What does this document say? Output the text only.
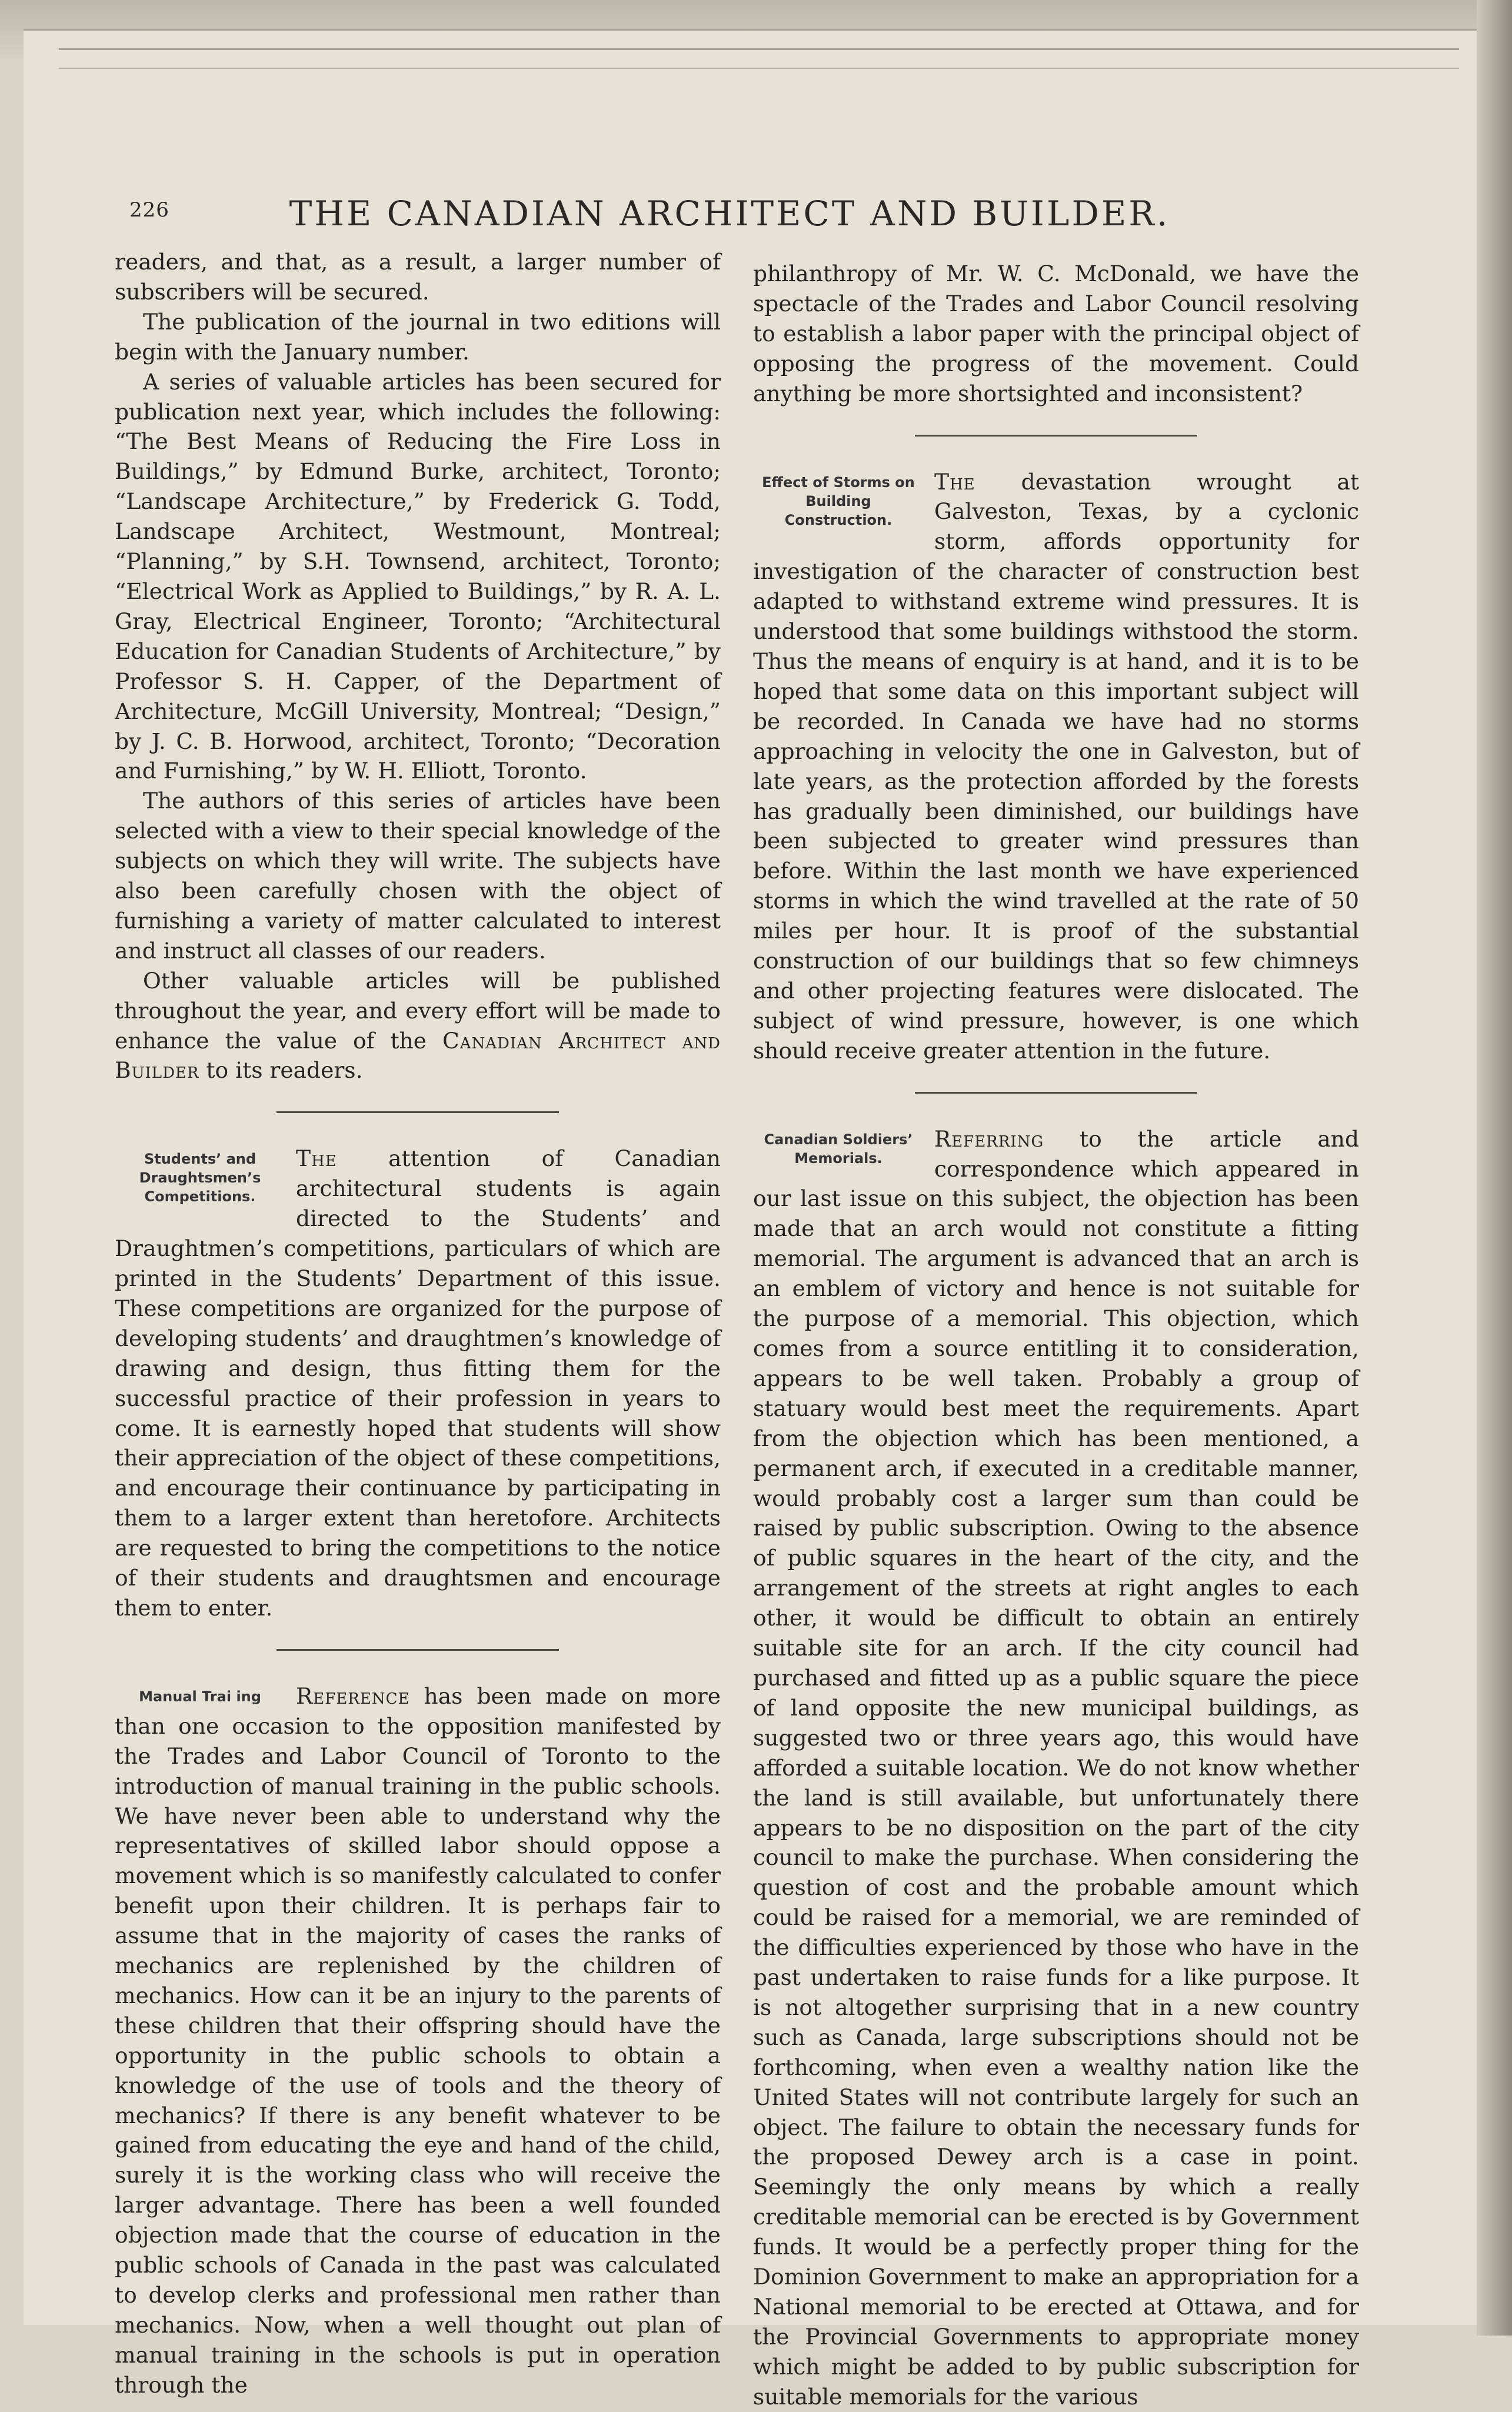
226	THE CANADIAN ARCHITECT AND BUILDER.

readers, and that, as a result, a larger number of subscribers will be secured.

The publication of the journal in two editions will begin with the January number.

A series of valuable articles has been secured for publication next year, which includes the following: “The Best Means of Reducing the Fire Loss in Buildings,” by Edmund Burke, architect, Toronto; “Landscape Architecture,” by Frederick G. Todd, Landscape Architect, Westmount, Montreal; “Planning,” by S.H. Townsend, architect, Toronto; “Electrical Work as Applied to Buildings,” by R. A. L. Gray, Electrical Engineer, Toronto; “Architectural Education for Canadian Students of Architecture,” by Professor S. H. Capper, of the Department of Architecture, McGill University, Montreal; “Design,” by J. C. B. Horwood, architect, Toronto; “Decoration and Furnishing,” by W. H. Elliott, Toronto.

The authors of this series of articles have been selected with a view to their special knowledge of the subjects on which they will write. The subjects have also been carefully chosen with the object of furnishing a variety of matter calculated to interest and instruct all classes of our readers.

Other valuable articles will be published throughout the year, and every effort will be made to enhance the value of the Canadian Architect and Builder to its readers.

Students’ and Draughtsmen’s Competitions.
The attention of Canadian architectural students is again directed to the Students’ and Draughtmen’s competitions, particulars of which are printed in the Students’ Department of this issue. These competitions are organized for the purpose of developing students’ and draughtmen’s knowledge of drawing and design, thus fitting them for the successful practice of their profession in years to come. It is earnestly hoped that students will show their appreciation of the object of these competitions, and encourage their continuance by participating in them to a larger extent than heretofore. Architects are requested to bring the competitions to the notice of their students and draughtsmen and encourage them to enter.

Manual Trai ing	Reference has been made on more than one occasion to the opposition manifested by the Trades and Labor Council of Toronto to the introduction of manual training in the public schools. We have never been able to understand why the representatives of skilled labor should oppose a movement which is so manifestly calculated to confer benefit upon their children. It is perhaps fair to assume that in the majority of cases the ranks of mechanics are replenished by the children of mechanics. How can it be an injury to the parents of these children that their offspring should have the opportunity in the public schools to obtain a knowledge of the use of tools and the theory of mechanics? If there is any benefit whatever to be gained from educating the eye and hand of the child, surely it is the working class who will receive the larger advantage. There has been a well founded objection made that the course of education in the public schools of Canada in the past was calculated to develop clerks and professional men rather than mechanics. Now, when a well thought out plan of manual training in the schools is put in operation through the

philanthropy of Mr. W. C. McDonald, we have the spectacle of the Trades and Labor Council resolving to establish a labor paper with the principal object of opposing the progress of the movement. Could anything be more shortsighted and inconsistent?

Effect of Storms on Building Construction.
The devastation wrought at Galveston, Texas, by a cyclonic storm, affords opportunity for investigation of the character of construction best adapted to withstand extreme wind pressures. It is understood that some buildings withstood the storm. Thus the means of enquiry is at hand, and it is to be hoped that some data on this important subject will be recorded. In Canada we have had no storms approaching in velocity the one in Galveston, but of late years, as the protection afforded by the forests has gradually been diminished, our buildings have been subjected to greater wind pressures than before. Within the last month we have experienced storms in which the wind travelled at the rate of 50 miles per hour. It is proof of the substantial construction of our buildings that so few chimneys and other projecting features were dislocated. The subject of wind pressure, however, is one which should receive greater attention in the future.

Canadian Soldiers’ Memorials.
Referring to the article and correspondence which appeared in our last issue on this subject, the objection has been made that an arch would not constitute a fitting memorial. The argument is advanced that an arch is an emblem of victory and hence is not suitable for the purpose of a memorial. This objection, which comes from a source entitling it to consideration, appears to be well taken. Probably a group of statuary would best meet the requirements. Apart from the objection which has been mentioned, a permanent arch, if executed in a creditable manner, would probably cost a larger sum than could be raised by public subscription. Owing to the absence of public squares in the heart of the city, and the arrangement of the streets at right angles to each other, it would be difficult to obtain an entirely suitable site for an arch. If the city council had purchased and fitted up as a public square the piece of land opposite the new municipal buildings, as suggested two or three years ago, this would have afforded a suitable location. We do not know whether the land is still available, but unfortunately there appears to be no disposition on the part of the city council to make the purchase. When considering the question of cost and the probable amount which could be raised for a memorial, we are reminded of the difficulties experienced by those who have in the past undertaken to raise funds for a like purpose. It is not altogether surprising that in a new country such as Canada, large subscriptions should not be forthcoming, when even a wealthy nation like the United States will not contribute largely for such an object. The failure to obtain the necessary funds for the proposed Dewey arch is a case in point. Seemingly the only means by which a really creditable memorial can be erected is by Government funds. It would be a perfectly proper thing for the Dominion Government to make an appropriation for a National memorial to be erected at Ottawa, and for the Provincial Governments to appropriate money which might be added to by public subscription for suitable memorials for the various
